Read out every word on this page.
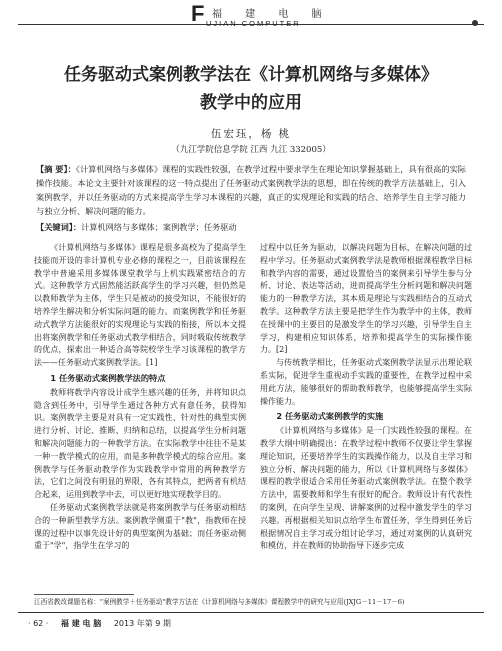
F 福 建 电 脑
UJIAN COMPUTER
任务驱动式案例教学法在《计算机网络与多媒体》
教学中的应用
伍宏珏，杨 桃
（九江学院信息学院 江西 九江 332005）
【摘 要】：《计算机网络与多媒体》课程的实践性较强，在教学过程中要求学生在理论知识掌握基础上，具有很高的实际操作技能。本论文主要针对该课程的这一特点提出了任务驱动式案例教学法的思想，即在传统的教学方法基础上，引入案例教学，并以任务驱动的方式来提高学生学习本课程的兴趣，真正的实现理论和实践的结合、培养学生自主学习能力与独立分析、解决问题的能力。
【关键词】：计算机网络与多媒体；案例教学；任务驱动

《计算机网络与多媒体》课程是很多高校为了提高学生技能而开设的非计算机专业必修的课程之一，目前该课程在教学中普遍采用多媒体课堂教学与上机实践紧密结合的方式。这种教学方式固然能活跃高学生的学习兴趣，但仍然是以教师教学为主体，学生只是被动的接受知识，不能很好的培养学生解决和分析实际问题的能力。而案例教学和任务驱动式教学方法能很好的实现理论与实践的衔接，所以本文提出将案例教学和任务驱动式教学相结合，同时吸取传统教学的优点，探索出一种适合高等院校学生学习该课程的教学方法——任务驱动式案例教学法。[1]

1 任务驱动式案例教学法的特点

教师将教学内容设计成学生感兴趣的任务，并将知识点隐含到任务中，引导学生通过各种方式有意任务，获得知识。案例教学主要是对具有一定实践性、针对性的典型实例进行分析、讨论、推断、归纳和总结，以提高学生分析问题和解决问题能力的一种教学方法。在实际教学中往往不是某一种一教学模式的应用，而是多种教学模式的综合应用。案例教学与任务驱动教学作为实践教学中常用的两种教学方法，它们之间没有明显的界限，各有其特点，把两者有机结合起来，运用到教学中去，可以更好地实现教学目的。

任务驱动式案例教学法就是将案例教学与任务驱动相结合的一种新型教学方法。案例教学侧重于"教"，指教师在授课的过程中以事先设计好的典型案例为基础；而任务驱动侧重于"学"，指学生在学习的

过程中以任务为驱动，以解决问题为目标，在解决问题的过程中学习。任务驱动式案例教学法是教师根据课程教学目标和教学内容的需要，通过设置恰当的案例来引导学生参与分析、讨论、表达等活动，进而提高学生分析问题和解决问题能力的一种教学方法，其本质是理论与实践相结合的互动式教学。这种教学方法主要是把学生作为教学中的主体，教师在授课中的主要目的是激发学生的学习兴趣，引导学生自主学习，构建相应知识体系，培养和提高学生的实际操作能力。[2]

与传统教学相比，任务驱动式案例教学法显示出理论联系实际，促进学生重视动手实践的重要性，在教学过程中采用此方法，能够很好的帮助教师教学，也能够提高学生实际操作能力。

2 任务驱动式案例教学的实施

《计算机网络与多媒体》是一门实践性较强的课程。在教学大纲中明确提出：在教学过程中教师不仅要让学生掌握理论知识，还要培养学生的实践操作能力，以及自主学习和独立分析、解决问题的能力，所以《计算机网络与多媒体》课程的教学很适合采用任务驱动式案例教学法。在整个教学方法中，需要教师和学生有很好的配合。教师设计有代表性的案例，在向学生呈现、讲解案例的过程中激发学生的学习兴趣。再根据相关知识点给学生布置任务，学生得到任务后根据情况自主学习或分组讨论学习，通过对案例的认真研究和模仿，并在教师的协助指导下逐步完成

江西省教改课题名称："案例教学＋任务驱动"教学方法在《计算机网络与多媒体》课程教学中的研究与应用(JXJG－11－17－6)
· 62 · 福 建 电 脑 2013 年第 9 期
